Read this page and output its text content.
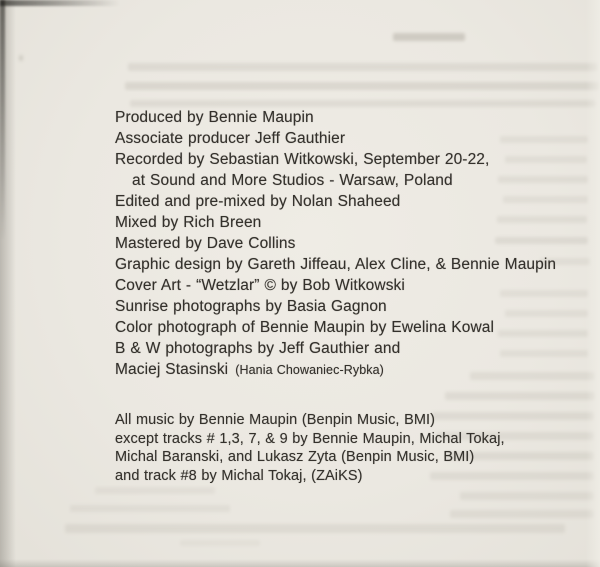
Produced by Bennie Maupin
Associate producer Jeff Gauthier
Recorded by Sebastian Witkowski, September 20-22,
at Sound and More Studios - Warsaw, Poland
Edited and pre-mixed by Nolan Shaheed
Mixed by Rich Breen
Mastered by Dave Collins
Graphic design by Gareth Jiffeau, Alex Cline, & Bennie Maupin
Cover Art - “Wetzlar” © by Bob Witkowski
Sunrise photographs by Basia Gagnon
Color photograph of Bennie Maupin by Ewelina Kowal
B & W photographs by Jeff Gauthier and
Maciej Stasinski (Hania Chowaniec-Rybka)
All music by Bennie Maupin (Benpin Music, BMI)
except tracks # 1,3, 7, & 9 by Bennie Maupin, Michal Tokaj,
Michal Baranski, and Lukasz Zyta (Benpin Music, BMI)
and track #8 by Michal Tokaj, (ZAiKS)
